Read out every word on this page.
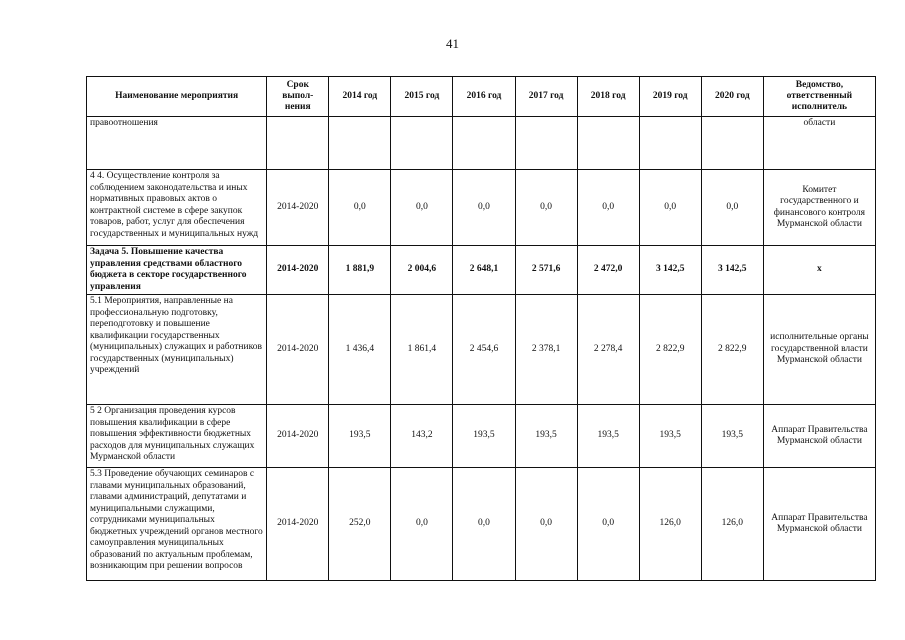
41
Наименование мероприятия	Срок выпол-нения	2014 год	2015 год	2016 год	2017 год	2018 год	2019 год	2020 год	Ведомство, ответственный исполнитель
правоотношения									области
4 4. Осуществление контроля за соблюдением законодательства и иных нормативных правовых актов о контрактной системе в сфере закупок товаров, работ, услуг для обеспечения государственных и муниципальных нужд	2014-2020	0,0	0,0	0,0	0,0	0,0	0,0	0,0	Комитет государственного и финансового контроля Мурманской области
Задача 5. Повышение качества управления средствами областного бюджета в секторе государственного управления	2014-2020	1 881,9	2 004,6	2 648,1	2 571,6	2 472,0	3 142,5	3 142,5	х
5.1 Мероприятия, направленные на профессиональную подготовку, переподготовку и повышение квалификации государственных (муниципальных) служащих и работников государственных (муниципальных) учреждений	2014-2020	1 436,4	1 861,4	2 454,6	2 378,1	2 278,4	2 822,9	2 822,9	исполнительные органы государственной власти Мурманской области
5 2 Организация проведения курсов повышения квалификации в сфере повышения эффективности бюджетных расходов для муниципальных служащих Мурманской области	2014-2020	193,5	143,2	193,5	193,5	193,5	193,5	193,5	Аппарат Правительства Мурманской области
5.3 Проведение обучающих семинаров с главами муниципальных образований, главами администраций, депутатами и муниципальными служащими, сотрудниками муниципальных бюджетных учреждений органов местного самоуправления муниципальных образований по актуальным проблемам, возникающим при решении вопросов	2014-2020	252,0	0,0	0,0	0,0	0,0	126,0	126,0	Аппарат Правительства Мурманской области
